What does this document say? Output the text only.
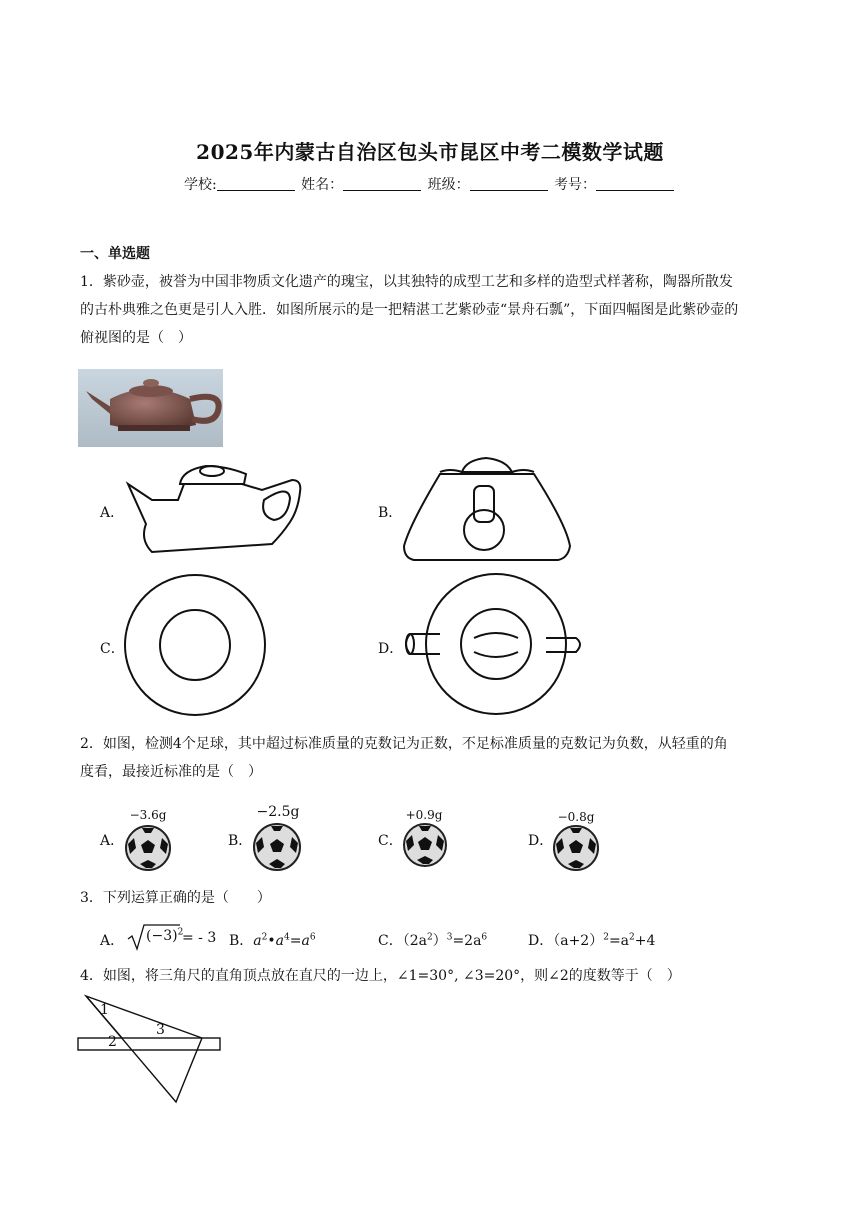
2025年内蒙古自治区包头市昆区中考二模数学试题
学校:	姓名：	班级：	考号：
一、单选题
1．紫砂壶，被誉为中国非物质文化遗产的瑰宝，以其独特的成型工艺和多样的造型式样著称，陶器所散发
的古朴典雅之色更是引人入胜．如图所展示的是一把精湛工艺紫砂壶“景舟石瓢”，下面四幅图是此紫砂壶的
俯视图的是（　）
A．	B．
C．	D．
2．如图，检测4个足球，其中超过标准质量的克数记为正数，不足标准质量的克数记为负数，从轻重的角
度看，最接近标准的是（　）
A．
−3.6g
B．
−2.5g
C．
+0.9g
D．
−0.8g
3．下列运算正确的是（　　）
A． $(-3)^2$
= - 3 B．$a^2•a^4=a^6$	C．$(2a^2)^3=2a^6$	D．$(a+2)^2=a^2+4$
4．如图，将三角尺的直角顶点放在直尺的一边上，∠1=30°, ∠3=20°，则∠2的度数等于（　）
1
2
3
